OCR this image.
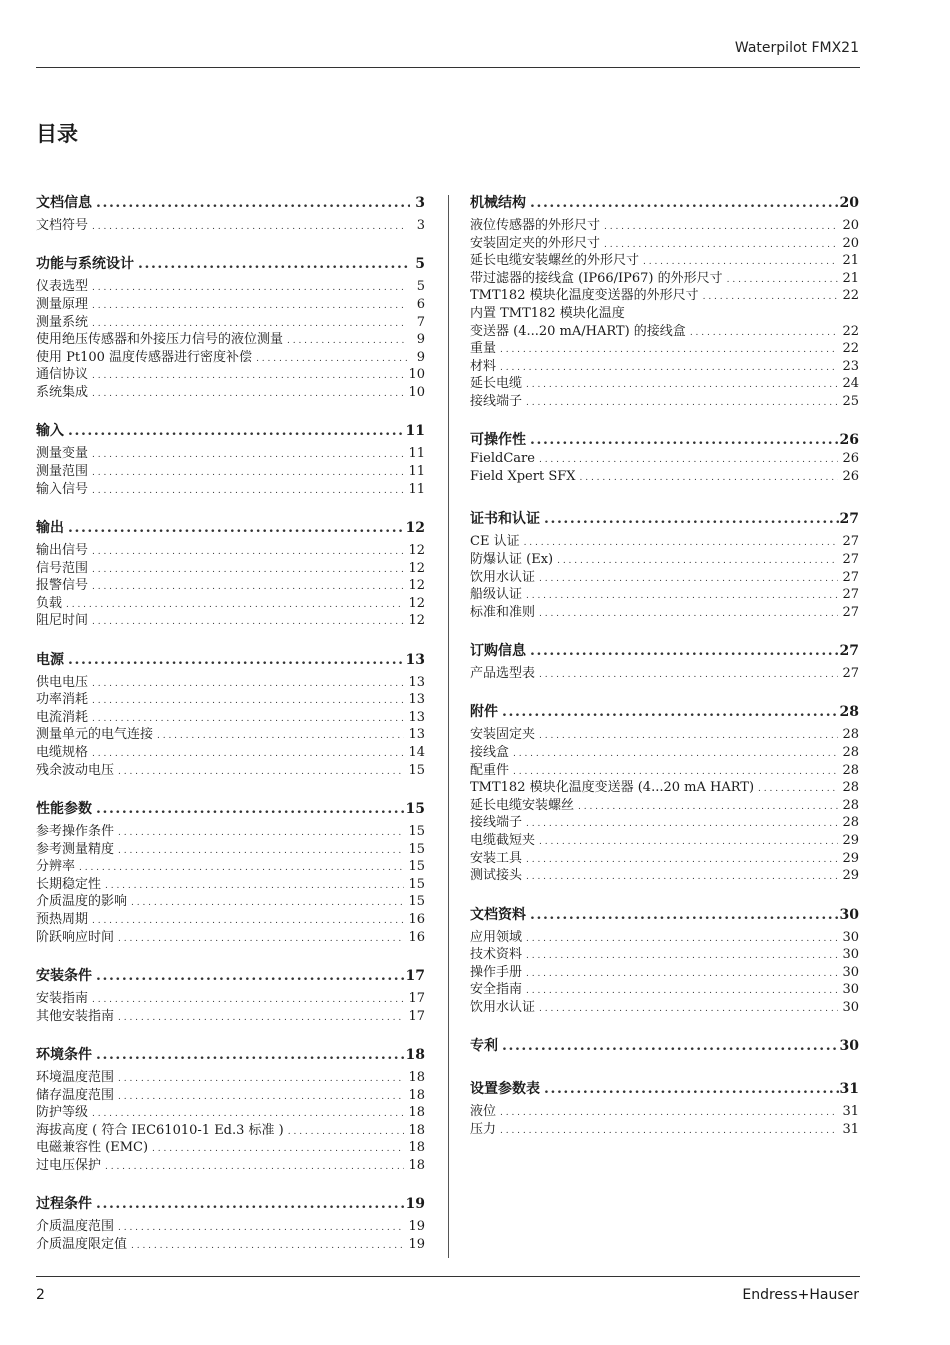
Waterpilot FMX21
目录
文档信息 .....	3
文档符号 . . .	3
功能与系统设计 .....	5
仪表选型 . . .	5
测量原理 . . .	6
测量系统 . . .	7
使用绝压传感器和外接压力信号的液位测量 . . .	9
使用 Pt100 温度传感器进行密度补偿 . . .	9
通信协议 . . .	10
系统集成 . . .	10
输入 .....	11
测量变量 . . .	11
测量范围 . . .	11
输入信号 . . .	11
输出 .....	12
输出信号 . . .	12
信号范围 . . .	12
报警信号 . . .	12
负载 . . .	12
阻尼时间 . . .	12
电源 .....	13
供电电压 . . .	13
功率消耗 . . .	13
电流消耗 . . .	13
测量单元的电气连接 . . .	13
电缆规格 . . .	14
残余波动电压 . . .	15
性能参数 .....	15
参考操作条件 . . .	15
参考测量精度 . . .	15
分辨率 . . .	15
长期稳定性 . . .	15
介质温度的影响 . . .	15
预热周期 . . .	16
阶跃响应时间 . . .	16
安装条件 .....	17
安装指南 . . .	17
其他安装指南 . . .	17
环境条件 .....	18
环境温度范围 . . .	18
储存温度范围 . . .	18
防护等级 . . .	18
海拔高度 ( 符合 IEC61010-1 Ed.3 标准 ) . . .	18
电磁兼容性 (EMC) . . .	18
过电压保护 . . .	18
过程条件 .....	19
介质温度范围 . . .	19
介质温度限定值 . . .	19
机械结构 .....	20
液位传感器的外形尺寸 . . .	20
安装固定夹的外形尺寸 . . .	20
延长电缆安装螺丝的外形尺寸 . . .	21
带过滤器的接线盒 (IP66/IP67) 的外形尺寸 . . .	21
TMT182 模块化温度变送器的外形尺寸 . . .	22
内置 TMT182 模块化温度
变送器 (4...20 mA/HART) 的接线盒 . . .	22
重量 . . .	22
材料 . . .	23
延长电缆 . . .	24
接线端子 . . .	25
可操作性 .....	26
FieldCare . . .	26
Field Xpert SFX . . .	26
证书和认证 .....	27
CE 认证 . . .	27
防爆认证 (Ex) . . .	27
饮用水认证 . . .	27
船级认证 . . .	27
标准和准则 . . .	27
订购信息 .....	27
产品选型表 . . .	27
附件 .....	28
安装固定夹 . . .	28
接线盒 . . .	28
配重件 . . .	28
TMT182 模块化温度变送器 (4...20 mA HART) . . .	28
延长电缆安装螺丝 . . .	28
接线端子 . . .	28
电缆截短夹 . . .	29
安装工具 . . .	29
测试接头 . . .	29
文档资料 .....	30
应用领域 . . .	30
技术资料 . . .	30
操作手册 . . .	30
安全指南 . . .	30
饮用水认证 . . .	30
专利 .....	30
设置参数表 .....	31
液位 . . .	31
压力 . . .	31
2	Endress+Hauser
